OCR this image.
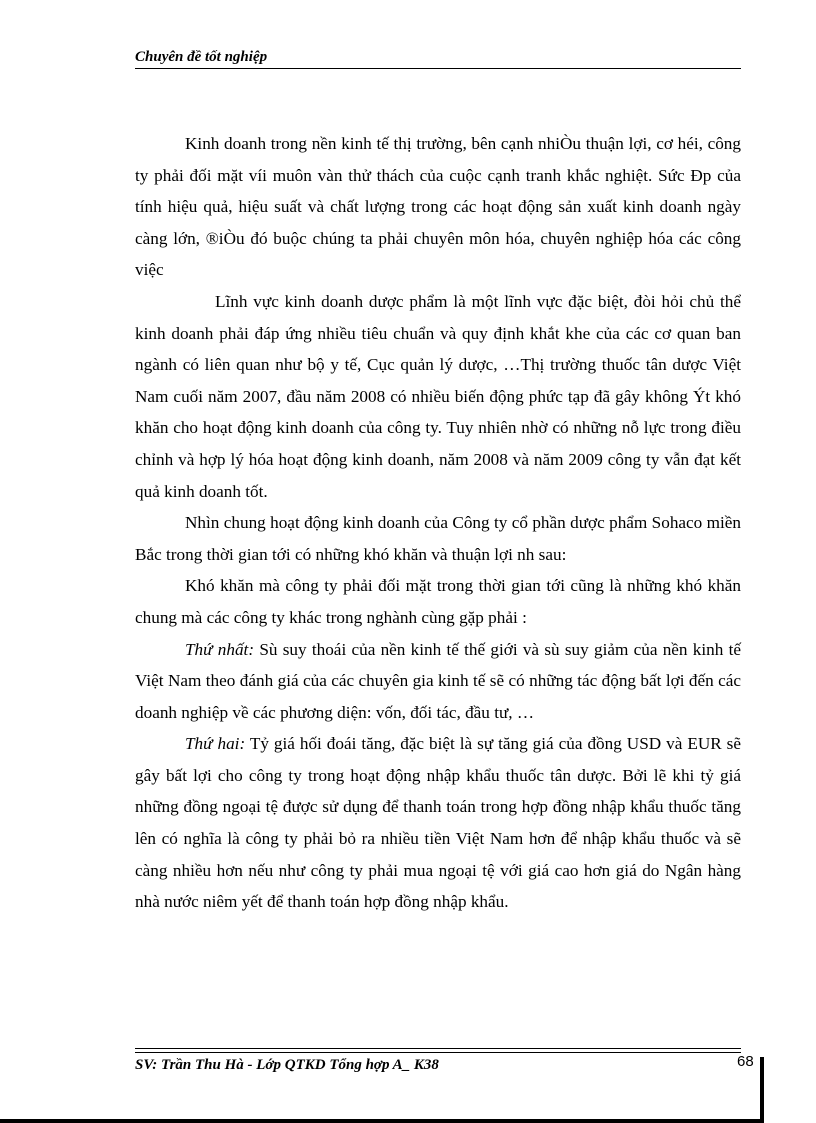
Chuyên đề tốt nghiệp

Kinh doanh trong nền kinh tế thị trường, bên cạnh nhiÒu thuận lợi, cơ héi, công ty phải đối mặt víi muôn vàn thử thách của cuộc cạnh tranh khắc nghiệt. Sức Ðp của tính hiệu quả, hiệu suất và chất lượng trong các hoạt động sản xuất kinh doanh ngày càng lớn, ®iÒu đó buộc chúng ta phải chuyên môn hóa, chuyên nghiệp hóa các công việc

Lĩnh vực kinh doanh dược phẩm là một lĩnh vực đặc biệt, đòi hỏi chủ thể kinh doanh phải đáp ứng nhiều tiêu chuẩn và quy định khắt khe của các cơ quan ban ngành có liên quan như bộ y tế, Cục quản lý dược, …Thị trường thuốc tân dược Việt Nam cuối năm 2007, đầu năm 2008 có nhiều biến động phức tạp đã gây không Ýt khó khăn cho hoạt động kinh doanh của công ty. Tuy nhiên nhờ có những nỗ lực trong điều chỉnh và hợp lý hóa hoạt động kinh doanh, năm 2008 và năm 2009 công ty vẫn đạt kết quả kinh doanh tốt.

Nhìn chung hoạt động kinh doanh của Công ty cổ phần dược phẩm Sohaco miền Bắc trong thời gian tới có những khó khăn và thuận lợi nh sau:

Khó khăn mà công ty phải đối mặt trong thời gian tới cũng là những khó khăn chung mà các công ty khác trong nghành cùng gặp phải :

Thứ nhất: Sù suy thoái của nền kinh tế thế giới và sù suy giảm của nền kinh tế Việt Nam theo đánh giá của các chuyên gia kinh tế sẽ có những tác động bất lợi đến các doanh nghiệp về các phương diện: vốn, đối tác, đầu tư, …

Thứ hai: Tỷ giá hối đoái tăng, đặc biệt là sự tăng giá của đồng USD và EUR sẽ gây bất lợi cho công ty trong hoạt động nhập khẩu thuốc tân dược. Bởi lẽ khi tỷ giá những đồng ngoại tệ được sử dụng để thanh toán trong hợp đồng nhập khẩu thuốc tăng lên có nghĩa là công ty phải bỏ ra nhiều tiền Việt Nam hơn để nhập khẩu thuốc và sẽ càng nhiều hơn nếu như công ty phải mua ngoại tệ với giá cao hơn giá do Ngân hàng nhà nước niêm yết để thanh toán hợp đồng nhập khẩu.

SV: Trần Thu Hà - Lớp QTKD Tổng hợp A_ K38	68
